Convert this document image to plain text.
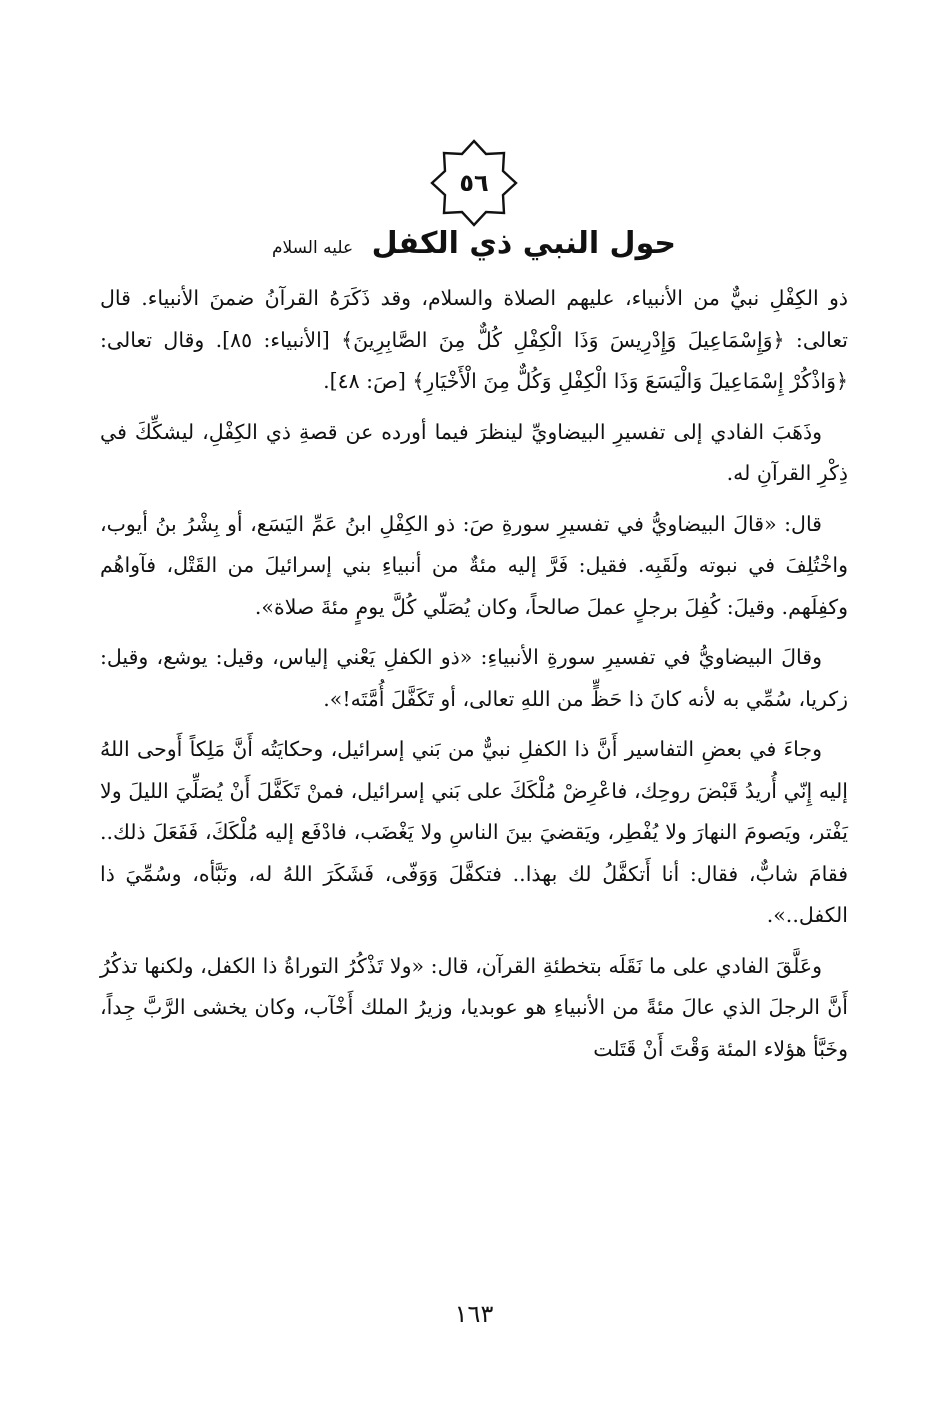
٥٦
حول النبي ذي الكفل عليه السلام

ذو الكِفْلِ نبيٌّ من الأنبياء، عليهم الصلاة والسلام، وقد ذَكَرَهُ القرآنُ ضمنَ الأنبياء. قال تعالى: ﴿وَإِسْمَاعِيلَ وَإِدْرِيسَ وَذَا الْكِفْلِ كُلٌّ مِنَ الصَّابِرِينَ﴾ [الأنبياء: ٨٥]. وقال تعالى: ﴿وَاذْكُرْ إِسْمَاعِيلَ وَالْيَسَعَ وَذَا الْكِفْلِ وَكُلٌّ مِنَ الْأَخْيَارِ﴾ [صَ: ٤٨].

وذَهَبَ الفادي إلى تفسيرِ البيضاويِّ لينظرَ فيما أورده عن قصةِ ذي الكِفْلِ، ليشكِّكَ في ذِكْرِ القرآنِ له.

قال: «قالَ البيضاويُّ في تفسيرِ سورةِ صَ: ذو الكِفْلِ ابنُ عَمِّ اليَسَع، أو بِشْرُ بنُ أيوب، واخْتُلِفَ في نبوته ولَقَبِه. فقيل: فَرَّ إليه مئةٌ من أنبياءِ بني إسرائيلَ من القَتْل، فآواهُم وكفِلَهم. وقيلَ: كُفِلَ برجلٍ عملَ صالحاً، وكان يُصَلّي كُلَّ يومٍ مئةَ صلاة».

وقالَ البيضاويُّ في تفسيرِ سورةِ الأنبياءِ: «ذو الكفلِ يَعْني إلياس، وقيل: يوشع، وقيل: زكريا، سُمِّي به لأنه كانَ ذا حَظٍّ من اللهِ تعالى، أو تَكَفَّلَ أُمَّتَه!».

وجاءَ في بعضِ التفاسير أَنَّ ذا الكفلِ نبيٌّ من بَني إسرائيل، وحكايَتُه أَنَّ مَلِكاً أَوحى اللهُ إليه إِنّي أُريدُ قَبْضَ روحِك، فاعْرِضْ مُلْكَكَ على بَني إسرائيل، فمنْ تَكَفَّلَ أَنْ يُصَلِّيَ الليلَ ولا يَفْتر، ويَصومَ النهارَ ولا يُفْطِر، ويَقضيَ بينَ الناسِ ولا يَغْضَب، فادْفَع إليه مُلْكَكَ، فَفَعَلَ ذلك.. فقامَ شابٌّ، فقال: أنا أَتكفَّلُ لك بهذا.. فتكفَّلَ وَوَفّى، فَشَكَرَ اللهُ له، ونَبَّأه، وسُمِّيَ ذا الكفل..».

وعَلَّقَ الفادي على ما نَقَلَه بتخطئةِ القرآن، قال: «ولا تَذْكُرُ التوراةُ ذا الكفل، ولكنها تذكُرُ أَنَّ الرجلَ الذي عالَ مئةً من الأنبياءِ هو عوبديا، وزيرُ الملك أَخْآب، وكان يخشى الرَّبَّ جِداً، وخَبَّأ هؤلاء المئة وَقْتَ أَنْ قَتَلت

١٦٣
